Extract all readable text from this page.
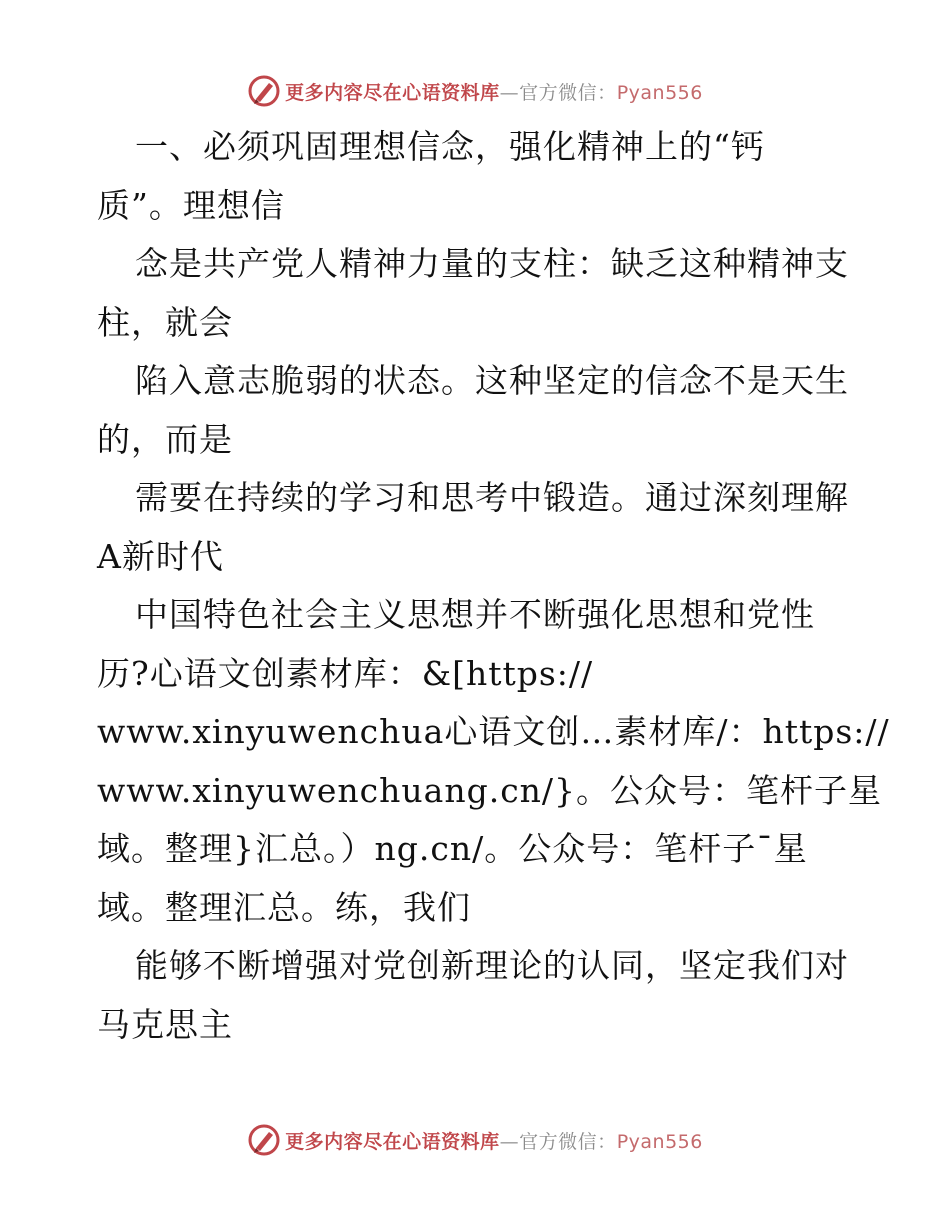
更多内容尽在心语资料库—官方微信：Pyan556
一、必须巩固理想信念，强化精神上的“钙
质”。理想信
念是共产党人精神力量的支柱：缺乏这种精神支
柱，就会
陷入意志脆弱的状态。这种坚定的信念不是天生
的，而是
需要在持续的学习和思考中锻造。通过深刻理解
A新时代
中国特色社会主义思想并不断强化思想和党性
历?心语文创素材库：&[https://
www.xinyuwenchua心语文创…素材库/：https://
www.xinyuwenchuang.cn/}。公众号：笔杆子星
域。整理}汇总。）ng.cn/。公众号：笔杆子¯星
域。整理汇总。练，我们
能够不断增强对党创新理论的认同，坚定我们对
马克思主
更多内容尽在心语资料库—官方微信：Pyan556
